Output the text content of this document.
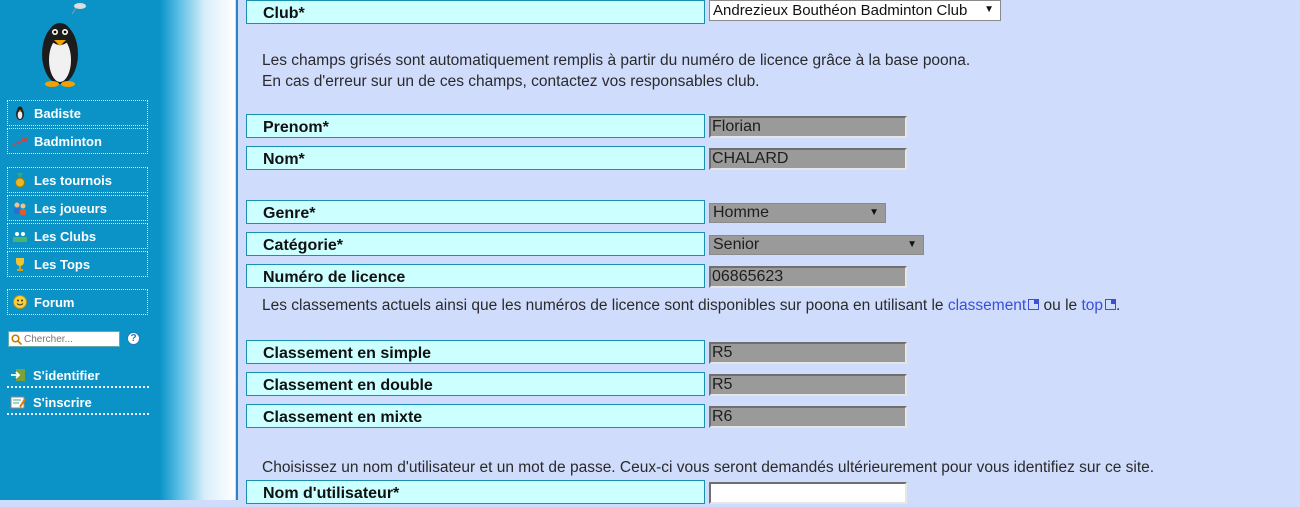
Badiste
Badminton
Les tournois
Les joueurs
Les Clubs
Les Tops
Forum
Chercher...
?
S'identifier
S'inscrire
Club*	Andrezieux Bouthéon Badminton Club ▼
Les champs grisés sont automatiquement remplis à partir du numéro de licence grâce à la base poona.
En cas d'erreur sur un de ces champs, contactez vos responsables club.
Prenom*	Florian
Nom*	CHALARD
Genre*	Homme	▼
Catégorie*	Senior	▼
Numéro de licence	06865623
Les classements actuels ainsi que les numéros de licence sont disponibles sur poona en utilisant le classement ou le top .
Classement en simple	R5
Classement en double	R5
Classement en mixte	R6
Choisissez un nom d'utilisateur et un mot de passe. Ceux-ci vous seront demandés ultérieurement pour vous identifiez sur ce site.
Nom d'utilisateur*
